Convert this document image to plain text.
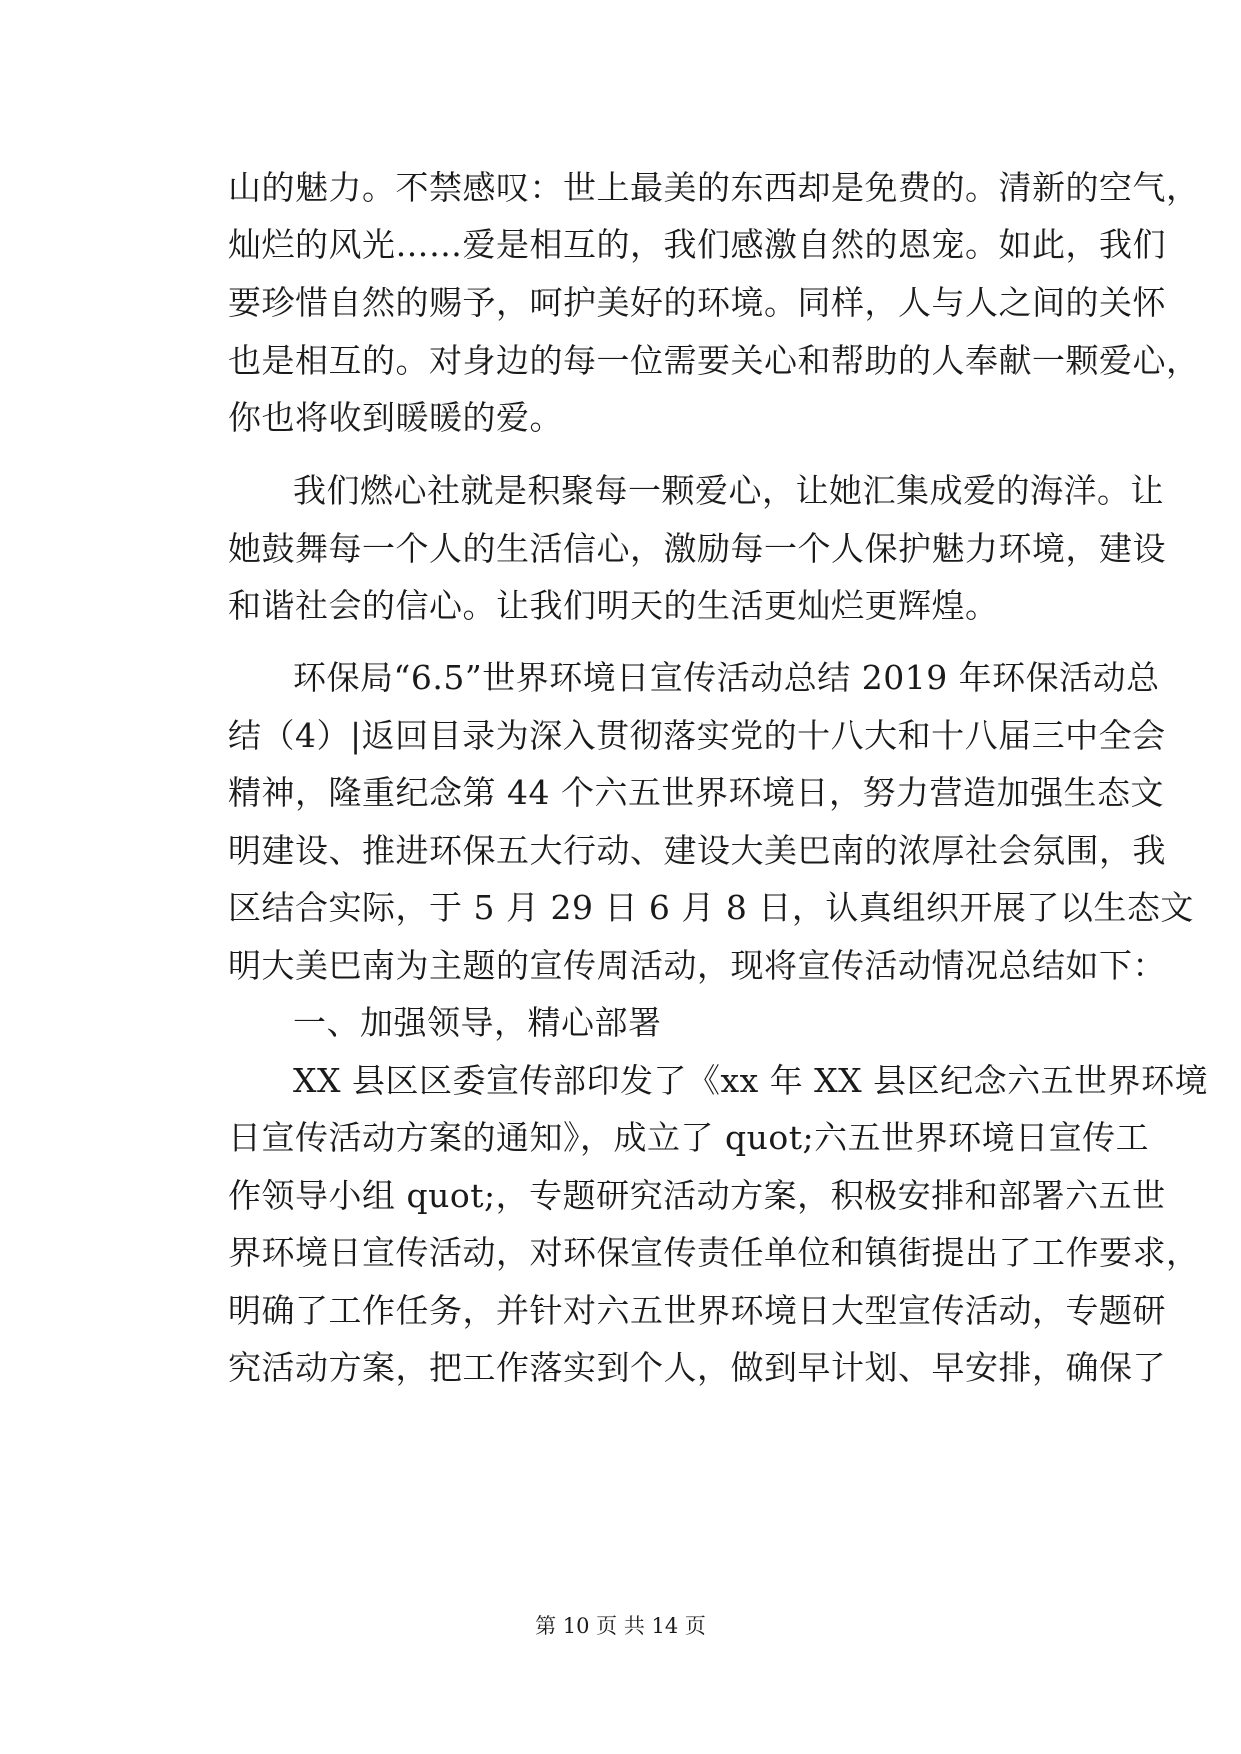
山的魅力。不禁感叹：世上最美的东西却是免费的。清新的空气，
灿烂的风光……爱是相互的，我们感激自然的恩宠。如此，我们
要珍惜自然的赐予，呵护美好的环境。同样，人与人之间的关怀
也是相互的。对身边的每一位需要关心和帮助的人奉献一颗爱心，
你也将收到暖暖的爱。
我们燃心社就是积聚每一颗爱心，让她汇集成爱的海洋。让
她鼓舞每一个人的生活信心，激励每一个人保护魅力环境，建设
和谐社会的信心。让我们明天的生活更灿烂更辉煌。
环保局“6.5”世界环境日宣传活动总结 2019 年环保活动总
结（4）|返回目录为深入贯彻落实党的十八大和十八届三中全会
精神，隆重纪念第 44 个六五世界环境日，努力营造加强生态文
明建设、推进环保五大行动、建设大美巴南的浓厚社会氛围，我
区结合实际，于 5 月 29 日 6 月 8 日，认真组织开展了以生态文
明大美巴南为主题的宣传周活动，现将宣传活动情况总结如下：
一、加强领导，精心部署
XX 县区区委宣传部印发了《xx 年 XX 县区纪念六五世界环境
日宣传活动方案的通知》，成立了 quot;六五世界环境日宣传工
作领导小组 quot;，专题研究活动方案，积极安排和部署六五世
界环境日宣传活动，对环保宣传责任单位和镇街提出了工作要求，
明确了工作任务，并针对六五世界环境日大型宣传活动，专题研
究活动方案，把工作落实到个人，做到早计划、早安排，确保了
第 10 页 共 14 页
